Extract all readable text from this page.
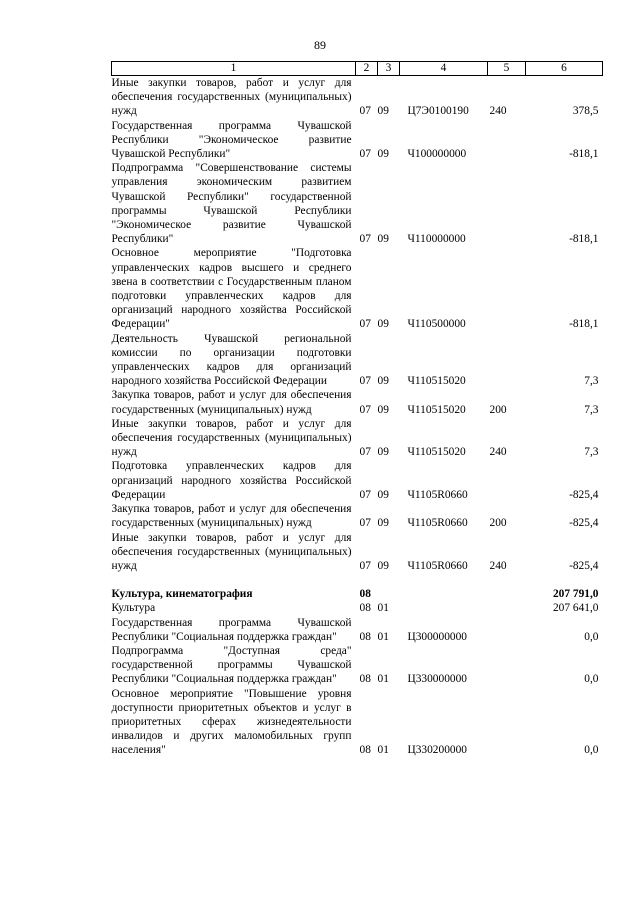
89
1	2	3	4	5	6
Иные закупки товаров, работ и услуг для обеспечения государственных (муниципальных) нужд	07	09	Ц7Э0100190	240	378,5
Государственная программа Чувашской Республики "Экономическое развитие Чувашской Республики"	07	09	Ч100000000		-818,1
Подпрограмма "Совершенствование системы управления экономическим развитием Чувашской Республики" государственной программы Чувашской Республики "Экономическое развитие Чувашской Республики"	07	09	Ч110000000		-818,1
Основное мероприятие "Подготовка управленческих кадров высшего и среднего звена в соответствии с Государственным планом подготовки управленческих кадров для организаций народного хозяйства Российской Федерации"	07	09	Ч110500000		-818,1
Деятельность Чувашской региональной комиссии по организации подготовки управленческих кадров для организаций народного хозяйства Российской Федерации	07	09	Ч110515020		7,3
Закупка товаров, работ и услуг для обеспечения государственных (муниципальных) нужд	07	09	Ч110515020	200	7,3
Иные закупки товаров, работ и услуг для обеспечения государственных (муниципальных) нужд	07	09	Ч110515020	240	7,3
Подготовка управленческих кадров для организаций народного хозяйства Российской Федерации	07	09	Ч1105R0660		-825,4
Закупка товаров, работ и услуг для обеспечения государственных (муниципальных) нужд	07	09	Ч1105R0660	200	-825,4
Иные закупки товаров, работ и услуг для обеспечения государственных (муниципальных) нужд	07	09	Ч1105R0660	240	-825,4

Культура, кинематография	08				207 791,0
Культура	08	01			207 641,0
Государственная программа Чувашской Республики "Социальная поддержка граждан"	08	01	Ц300000000		0,0
Подпрограмма "Доступная среда" государственной программы Чувашской Республики "Социальная поддержка граждан"	08	01	Ц330000000		0,0
Основное мероприятие "Повышение уровня доступности приоритетных объектов и услуг в приоритетных сферах жизнедеятельности инвалидов и других маломобильных групп населения"	08	01	Ц330200000		0,0
